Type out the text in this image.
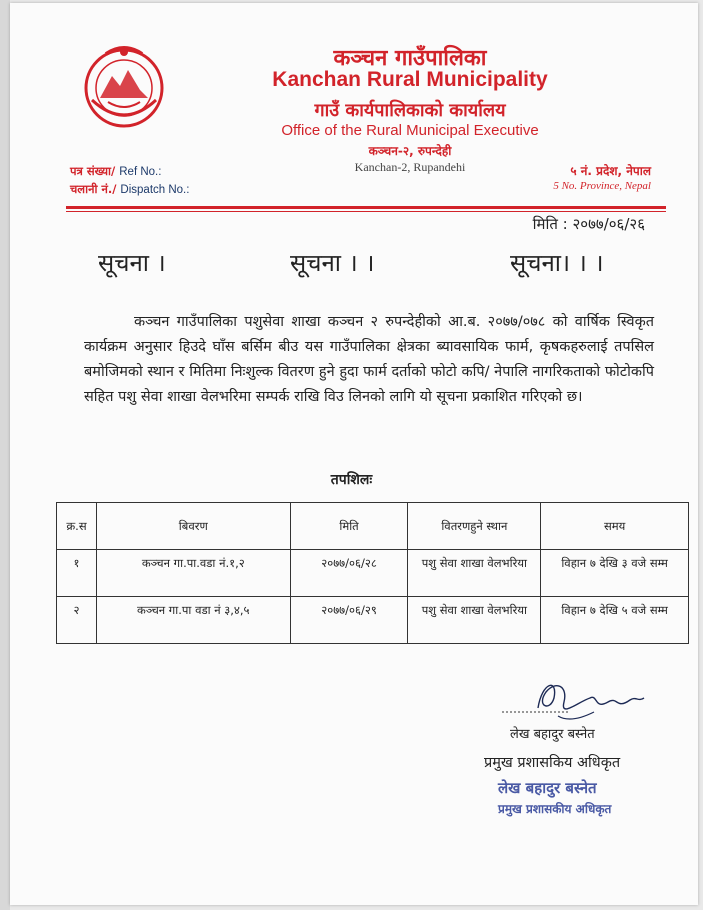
कञ्चन गाउँपालिका
Kanchan Rural Municipality
गाउँ कार्यपालिकाको कार्यालय
Office of the Rural Municipal Executive
कञ्चन-२, रुपन्देही
Kanchan-2, Rupandehi
पत्र संख्या/ Ref No.:
चलानी नं./ Dispatch No.:
५ नं. प्रदेश, नेपाल
5 No. Province, Nepal
मिति : २०७७/०६/२६
सूचना ।	सूचना । ।	सूचना। । ।
कञ्चन गाउँपालिका पशुसेवा शाखा कञ्चन २ रुपन्देहीको आ.ब. २०७७/०७८ को वार्षिक स्विकृत कार्यक्रम अनुसार हिउदे घाँस बर्सिम बीउ यस गाउँपालिका क्षेत्रका ब्यावसायिक फार्म, कृषकहरुलाई तपसिल बमोजिमको स्थान र मितिमा निःशुल्क वितरण हुने हुदा फार्म दर्ताको फोटो कपि/ नेपालि नागरिकताको फोटोकपि सहित पशु सेवा शाखा वेलभरिमा सम्पर्क राखि विउ लिनको लागि यो सूचना प्रकाशित गरिएको छ।
तपशिलः
क्र.स	बिवरण	मिति	वितरणहुने स्थान	समय
१	कञ्चन गा.पा.वडा नं.१,२	२०७७/०६/२८	पशु सेवा शाखा वेलभरिया	विहान ७ देखि ३ वजे सम्म
२	कञ्चन गा.पा वडा नं ३,४,५	२०७७/०६/२९	पशु सेवा शाखा वेलभरिया	विहान ७ देखि ५ वजे सम्म
लेख बहादुर बस्नेत
प्रमुख प्रशासकिय अधिकृत
लेख बहादुर बस्नेत
प्रमुख प्रशासकीय अधिकृत
